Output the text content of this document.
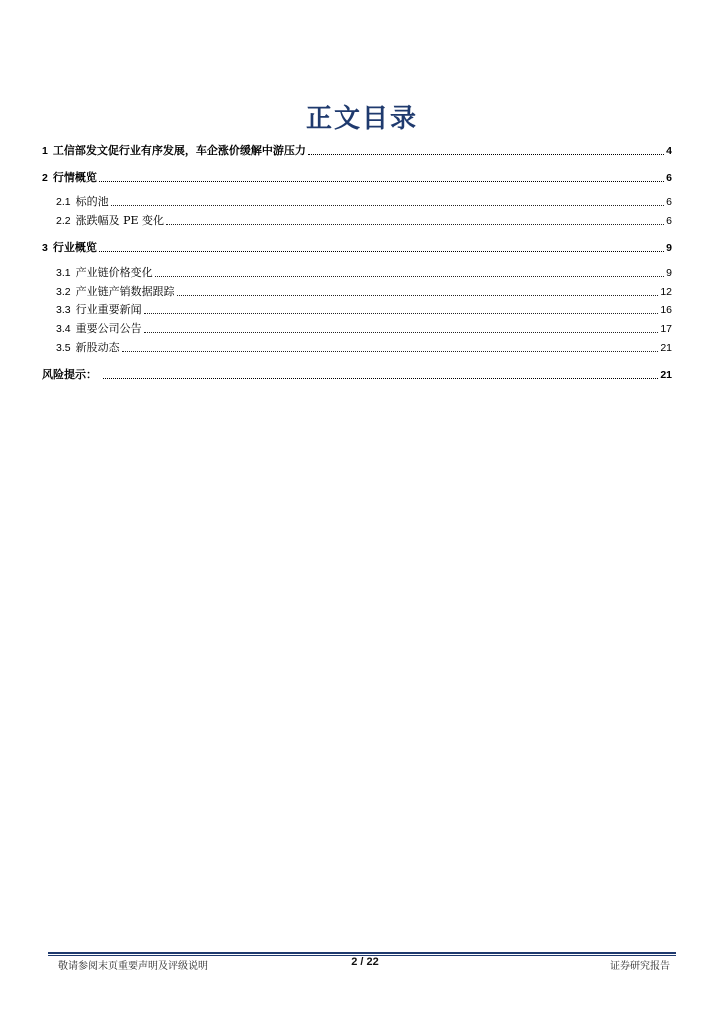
正文目录
1 工信部发文促行业有序发展，车企涨价缓解中游压力	4
2 行情概览	6
2.1 标的池	6
2.2 涨跌幅及 PE 变化	6
3 行业概览	9
3.1 产业链价格变化	9
3.2 产业链产销数据跟踪	12
3.3 行业重要新闻	16
3.4 重要公司公告	17
3.5 新股动态	21
风险提示：	21
敬请参阅末页重要声明及评级说明	2 / 22	证券研究报告
